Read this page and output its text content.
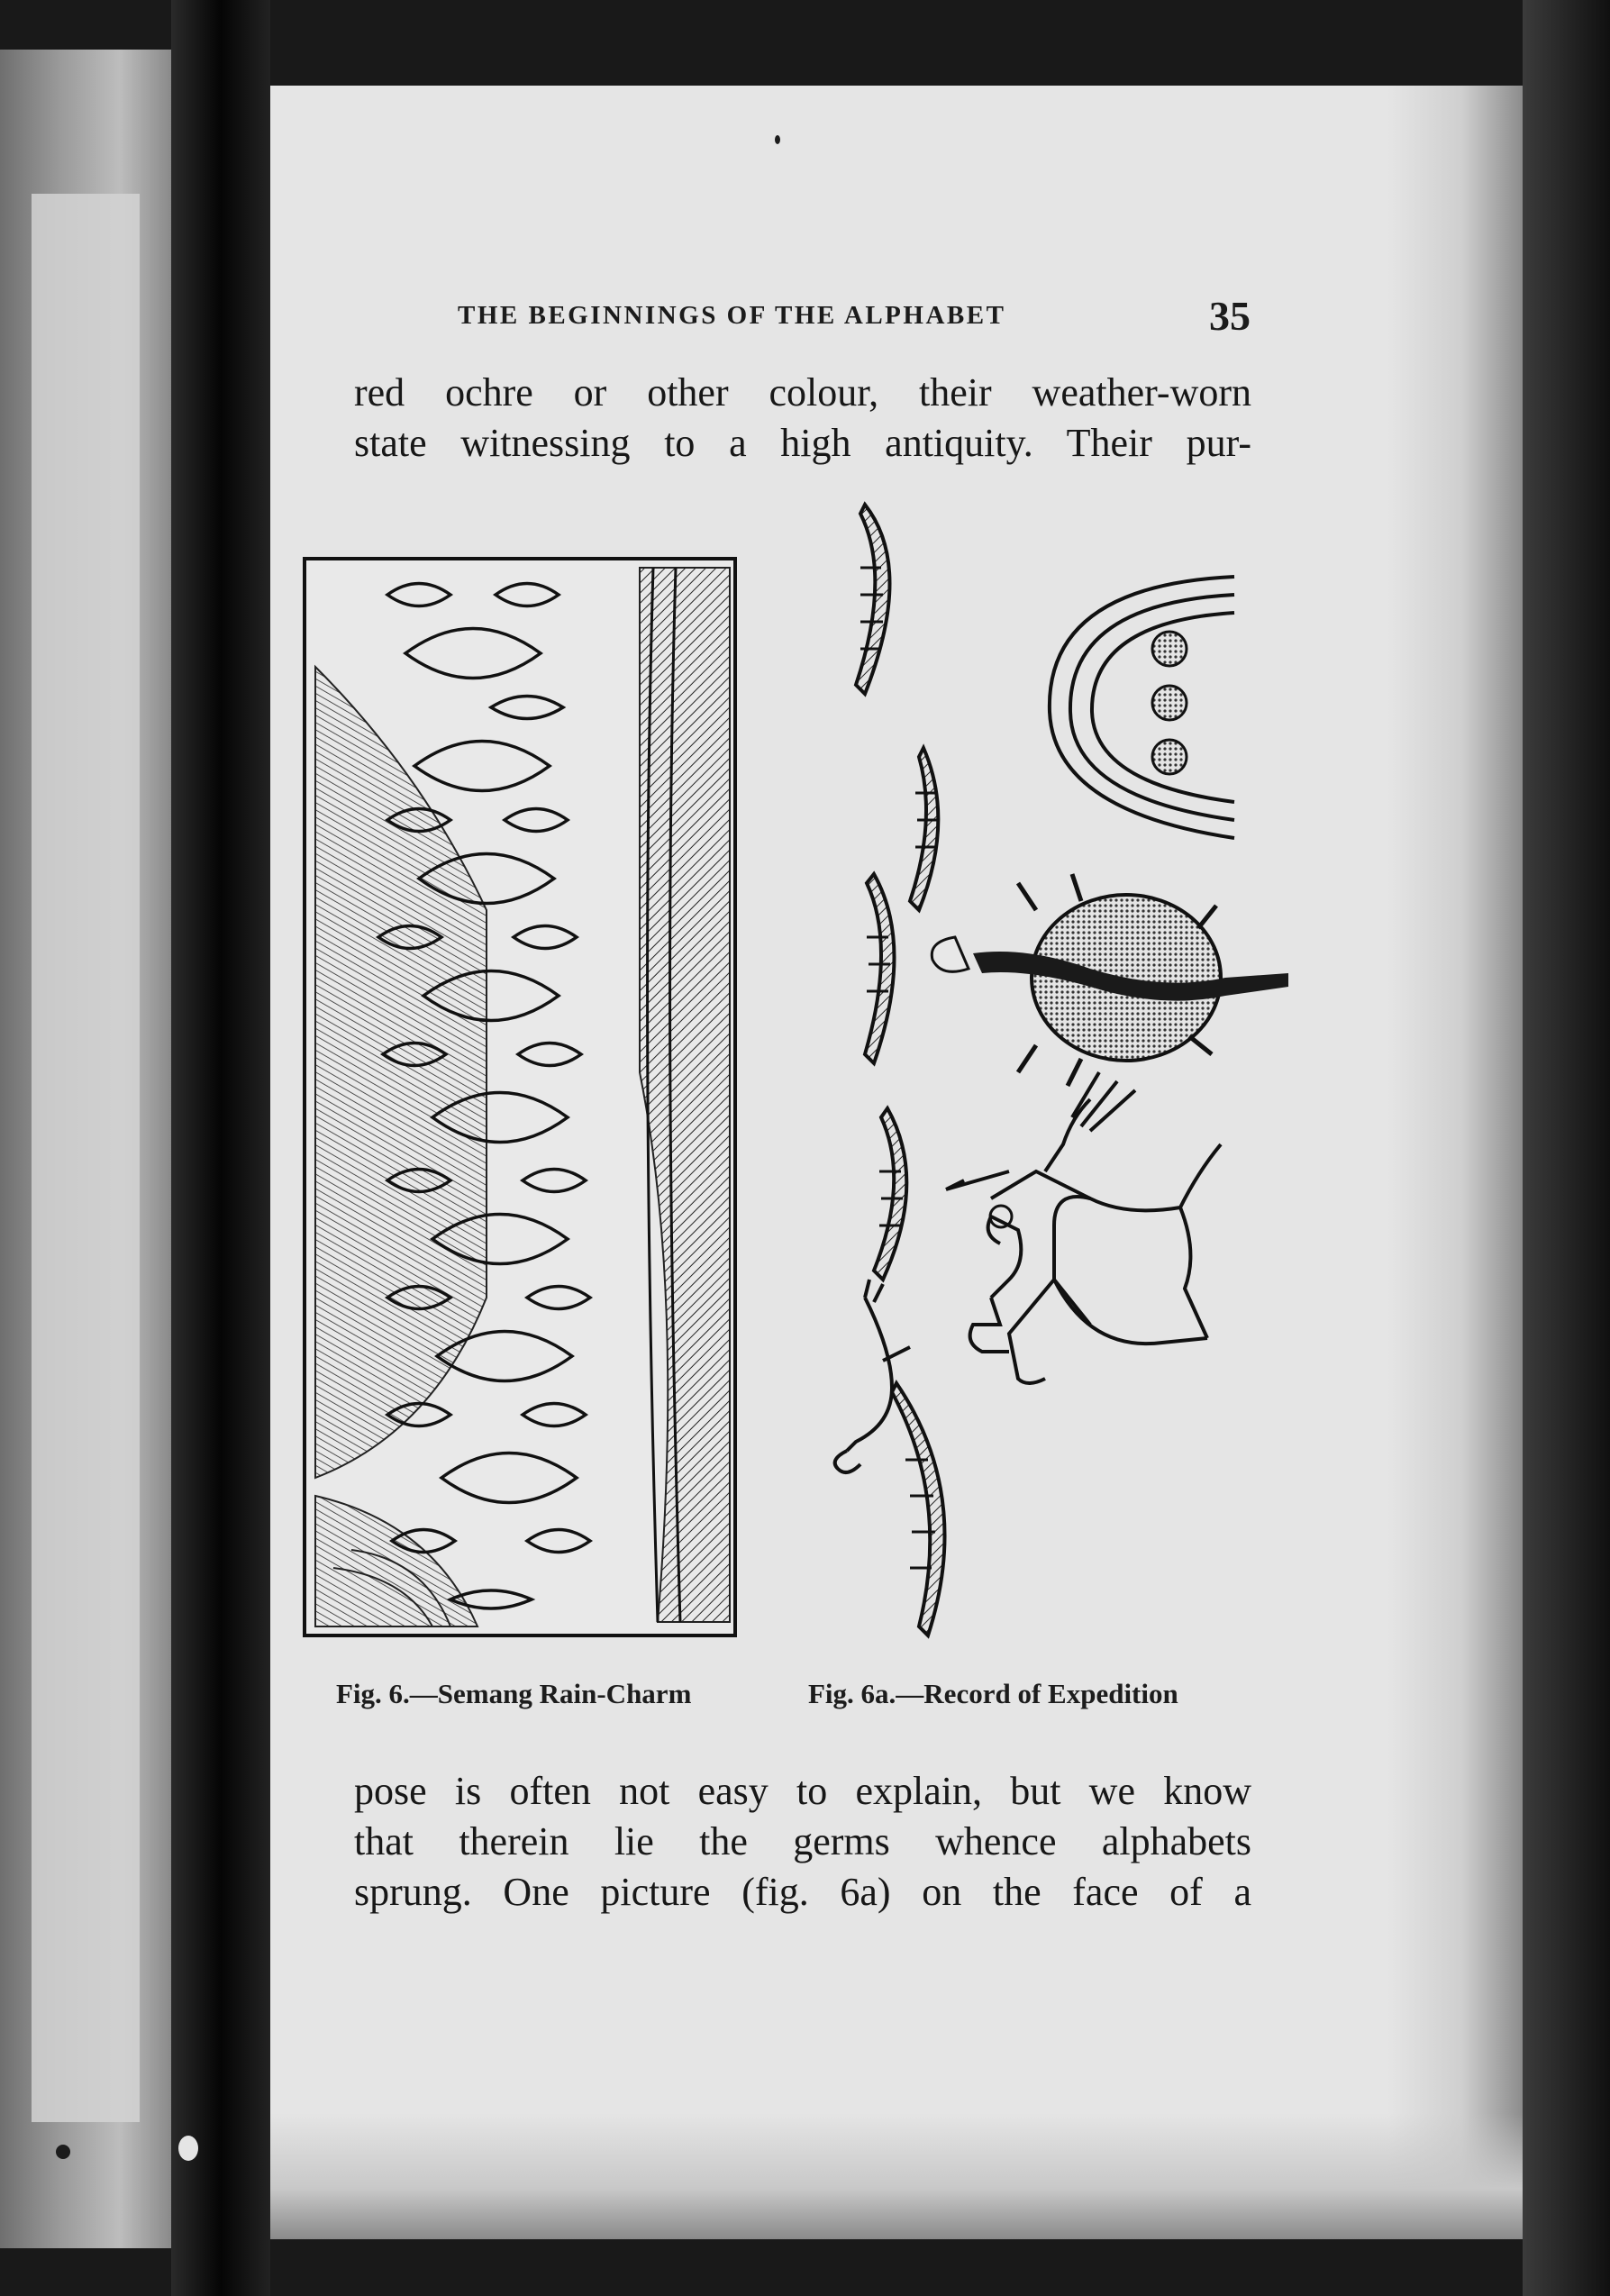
THE BEGINNINGS OF THE ALPHABET	35
red ochre or other colour, their weather-worn
state witnessing to a high antiquity. Their pur-
Fig. 6.—Semang Rain-Charm	Fig. 6a.—Record of Expedition
pose is often not easy to explain, but we know
that therein lie the germs whence alphabets
sprung. One picture (fig. 6a) on the face of a
